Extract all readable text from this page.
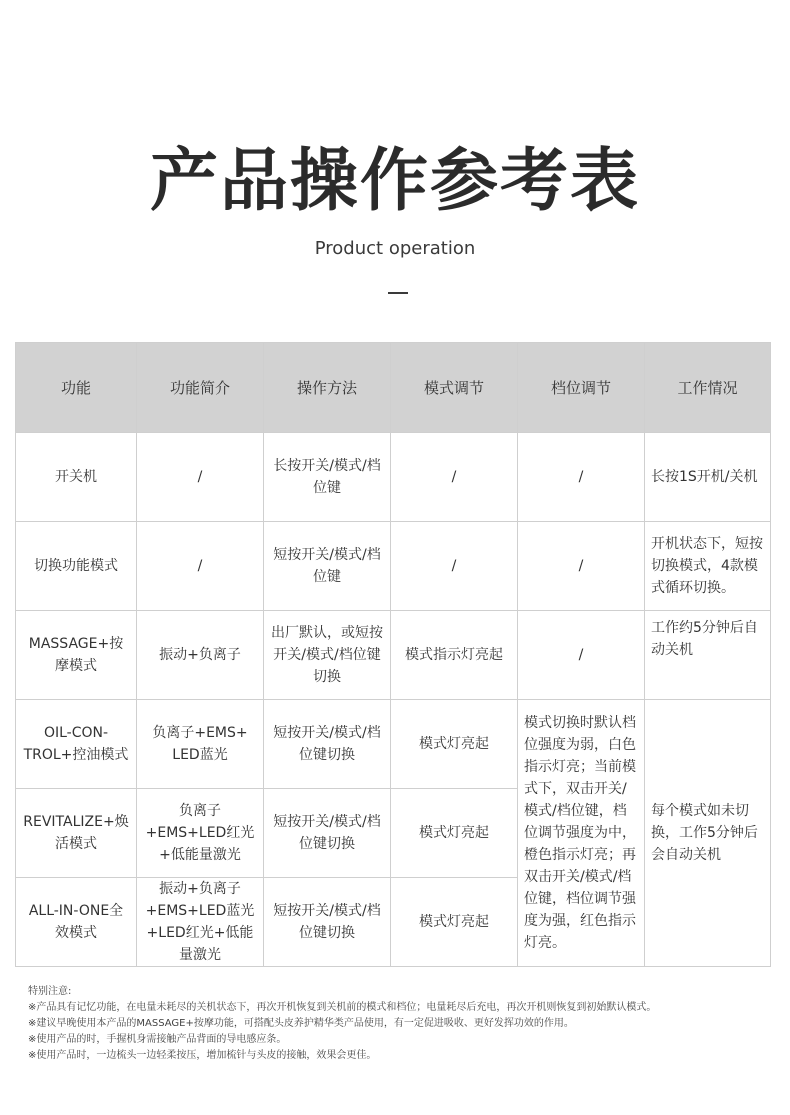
产品操作参考表
Product operation
功能	功能简介	操作方法	模式调节	档位调节	工作情况
开关机	/	长按开关/模式/档位键	/	/	长按1S开机/关机
切换功能模式	/	短按开关/模式/档位键	/	/	开机状态下，短按切换模式，4款模式循环切换。
MASSAGE+按摩模式	振动+负离子	出厂默认，或短按开关/模式/档位键切换	模式指示灯亮起	/	工作约5分钟后自动关机
OIL-CON-TROL+控油模式	负离子+EMS+ LED蓝光	短按开关/模式/档位键切换	模式灯亮起	模式切换时默认档位强度为弱，白色指示灯亮；当前模式下，双击开关/模式/档位键，档位调节强度为中，橙色指示灯亮；再双击开关/模式/档位键，档位调节强度为强，红色指示灯亮。	每个模式如未切换，工作5分钟后会自动关机
REVITALIZE+焕活模式	负离子+EMS+LED红光+低能量激光	短按开关/模式/档位键切换	模式灯亮起		
ALL-IN-ONE全效模式	振动+负离子+EMS+LED蓝光+LED红光+低能量激光	短按开关/模式/档位键切换	模式灯亮起		
特别注意:
※产品具有记忆功能，在电量未耗尽的关机状态下，再次开机恢复到关机前的模式和档位；电量耗尽后充电，再次开机则恢复到初始默认模式。
※建议早晚使用本产品的MASSAGE+按摩功能，可搭配头皮养护精华类产品使用，有一定促进吸收、更好发挥功效的作用。
※使用产品的时，手握机身需接触产品背面的导电感应条。
※使用产品时，一边梳头一边轻柔按压，增加梳针与头皮的接触，效果会更佳。
